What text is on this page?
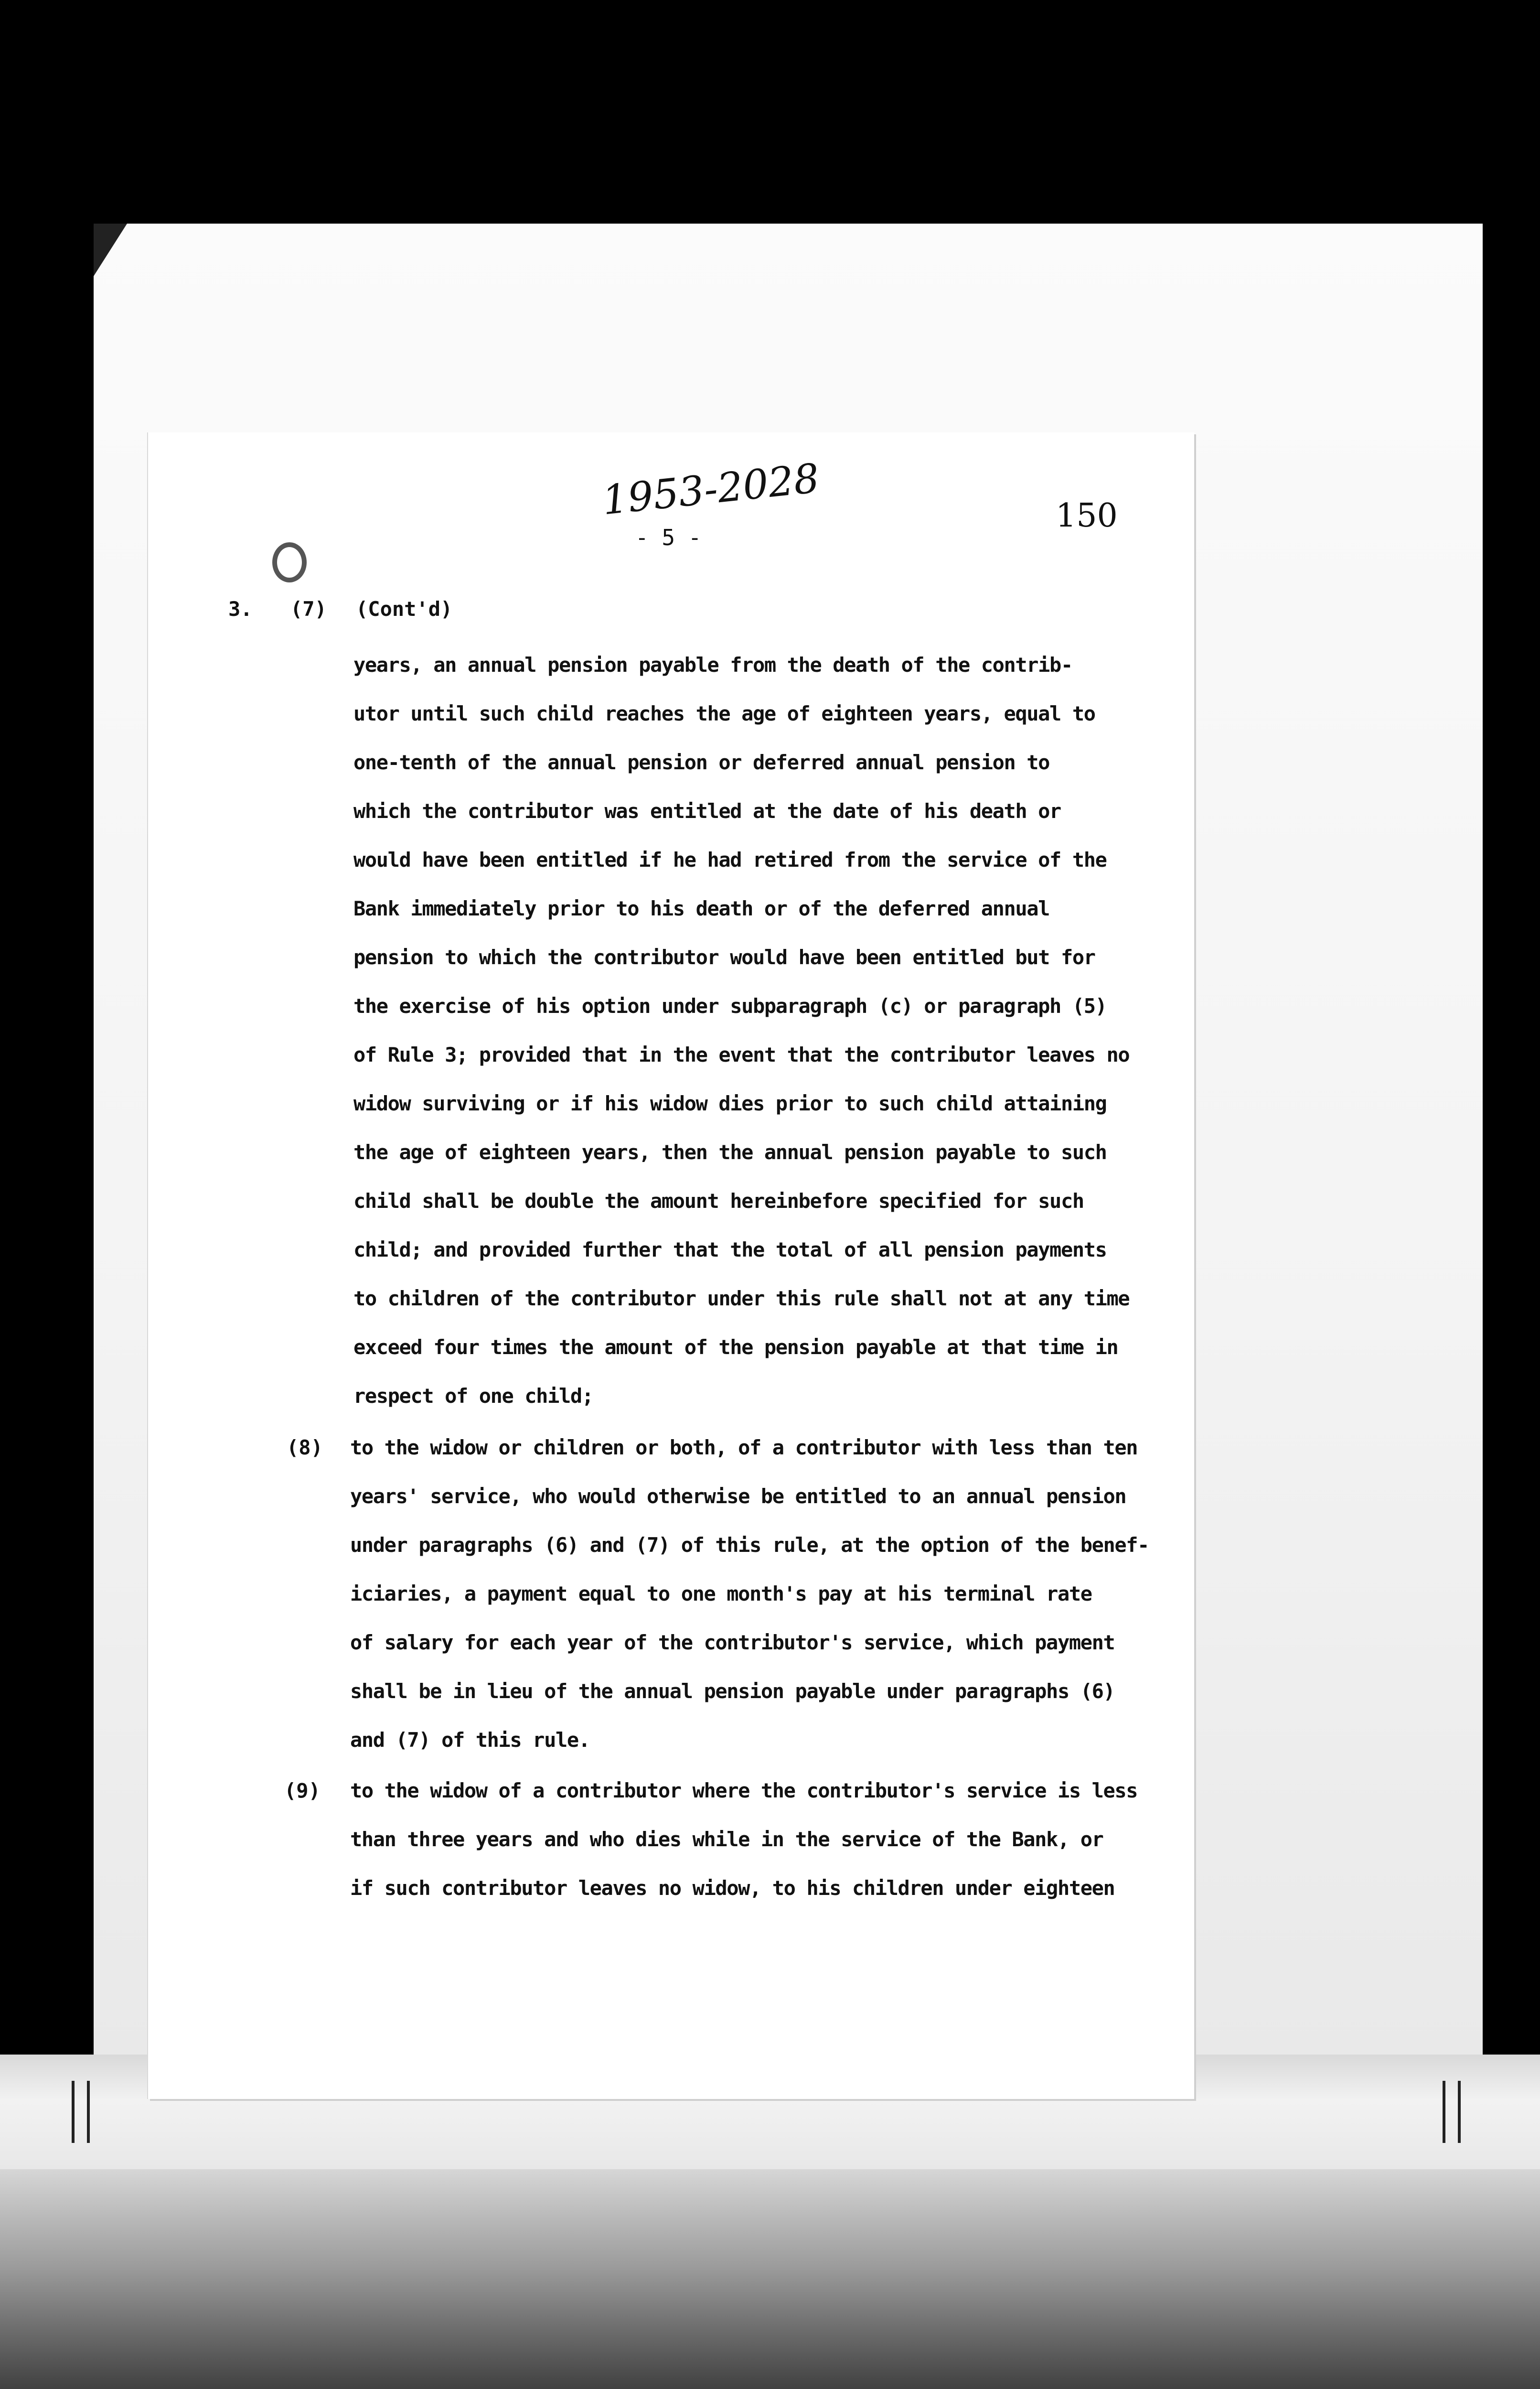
1953-2028	150
- 5 -
3. (7) (Cont'd)
years, an annual pension payable from the death of the contrib-
utor until such child reaches the age of eighteen years, equal to
one-tenth of the annual pension or deferred annual pension to
which the contributor was entitled at the date of his death or
would have been entitled if he had retired from the service of the
Bank immediately prior to his death or of the deferred annual
pension to which the contributor would have been entitled but for
the exercise of his option under subparagraph (c) or paragraph (5)
of Rule 3; provided that in the event that the contributor leaves no
widow surviving or if his widow dies prior to such child attaining
the age of eighteen years, then the annual pension payable to such
child shall be double the amount hereinbefore specified for such
child; and provided further that the total of all pension payments
to children of the contributor under this rule shall not at any time
exceed four times the amount of the pension payable at that time in
respect of one child;
(8) to the widow or children or both, of a contributor with less than ten
years' service, who would otherwise be entitled to an annual pension
under paragraphs (6) and (7) of this rule, at the option of the benef-
iciaries, a payment equal to one month's pay at his terminal rate
of salary for each year of the contributor's service, which payment
shall be in lieu of the annual pension payable under paragraphs (6)
and (7) of this rule.
(9) to the widow of a contributor where the contributor's service is less
than three years and who dies while in the service of the Bank, or
if such contributor leaves no widow, to his children under eighteen
